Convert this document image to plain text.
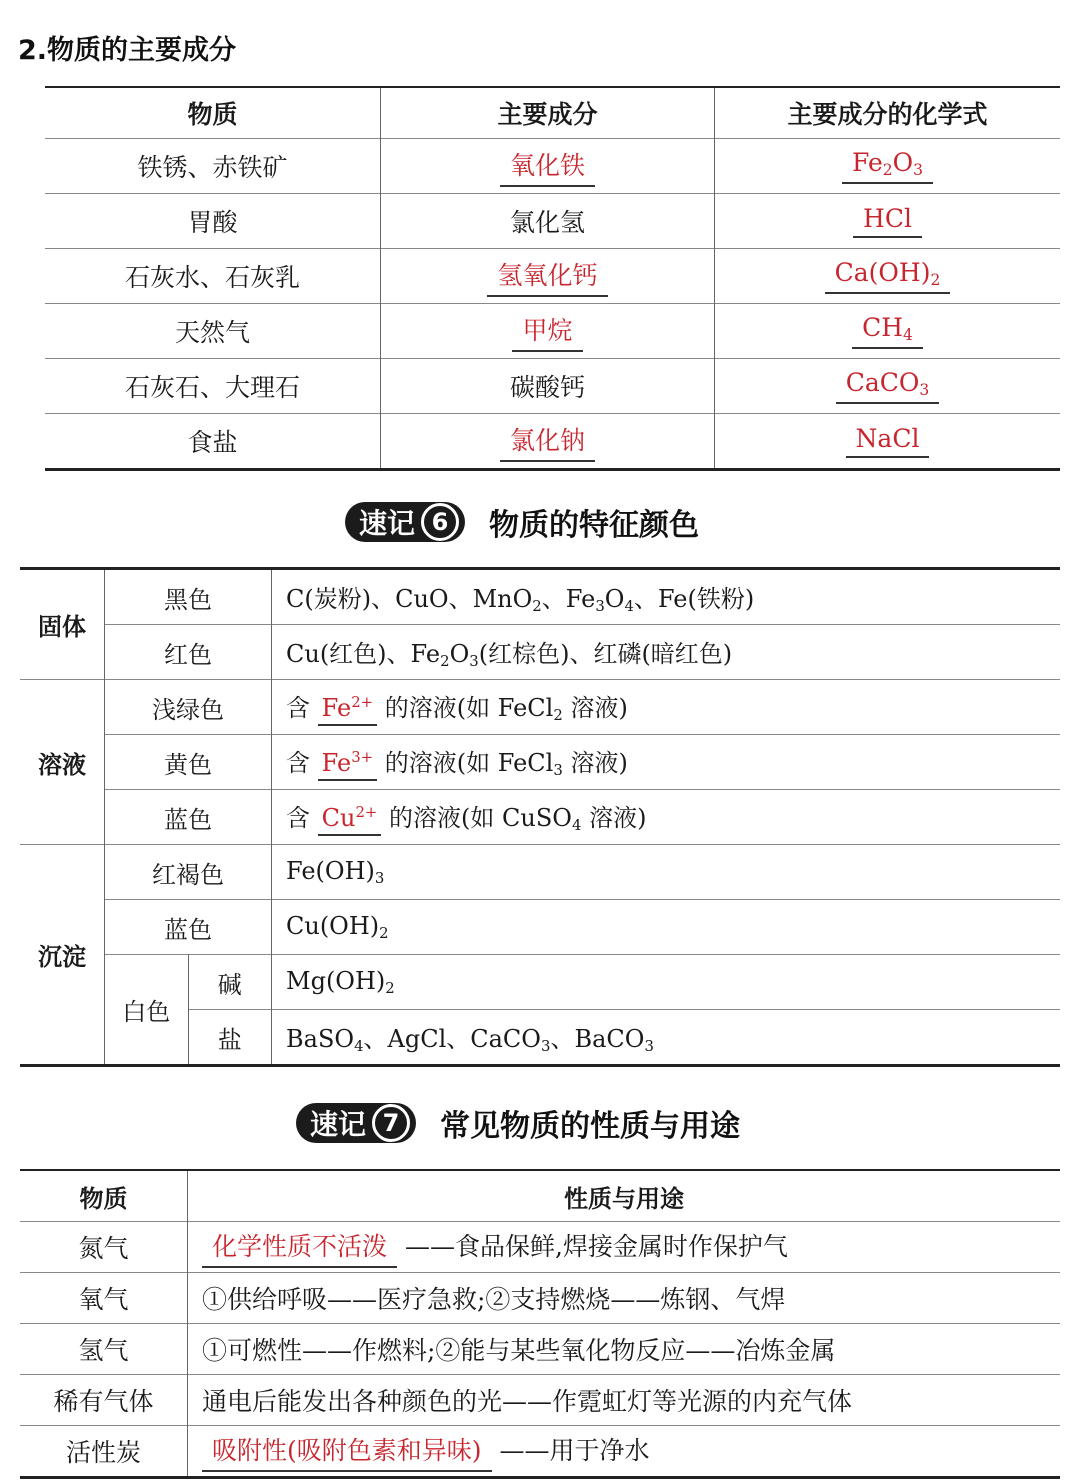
2.物质的主要成分
物质	主要成分	主要成分的化学式
铁锈、赤铁矿	氧化铁	$Fe_2O_3$
胃酸	氯化氢	HCl
石灰水、石灰乳	氢氧化钙	$Ca(OH)_2$
天然气	甲烷	$CH_4$
石灰石、大理石	碳酸钙	CaCO$_3$
食盐	氯化钠	NaCl
速记 6	物质的特征颜色
固体	黑色		C(炭粉)、CuO、MnO$_2$、$Fe_3O_4$、Fe(铁粉)
	红色		Cu(红色)、$Fe_2O_3$(红棕色)、红磷(暗红色)
溶液	浅绿色		含 $Fe^{2+}$ 的溶液(如 FeCl$_2$ 溶液)
	黄色		含 $Fe^{3+}$ 的溶液(如 FeCl$_3$ 溶液)
	蓝色		含 $Cu^{2+}$ 的溶液(如 CuSO$_4$ 溶液)
沉淀	红褐色		$Fe(OH)_3$
	蓝色		$Cu(OH)_2$
	白色	碱	$Mg(OH)_2$
		盐	BaSO$_4$、AgCl、CaCO$_3$、BaCO$_3$
速记 7	常见物质的性质与用途
物质	性质与用途
氮气	化学性质不活泼 ——食品保鲜,焊接金属时作保护气
氧气	①供给呼吸——医疗急救;②支持燃烧——炼钢、气焊
氢气	①可燃性——作燃料;②能与某些氧化物反应——冶炼金属
稀有气体	通电后能发出各种颜色的光——作霓虹灯等光源的内充气体
活性炭	吸附性(吸附色素和异味) ——用于净水
